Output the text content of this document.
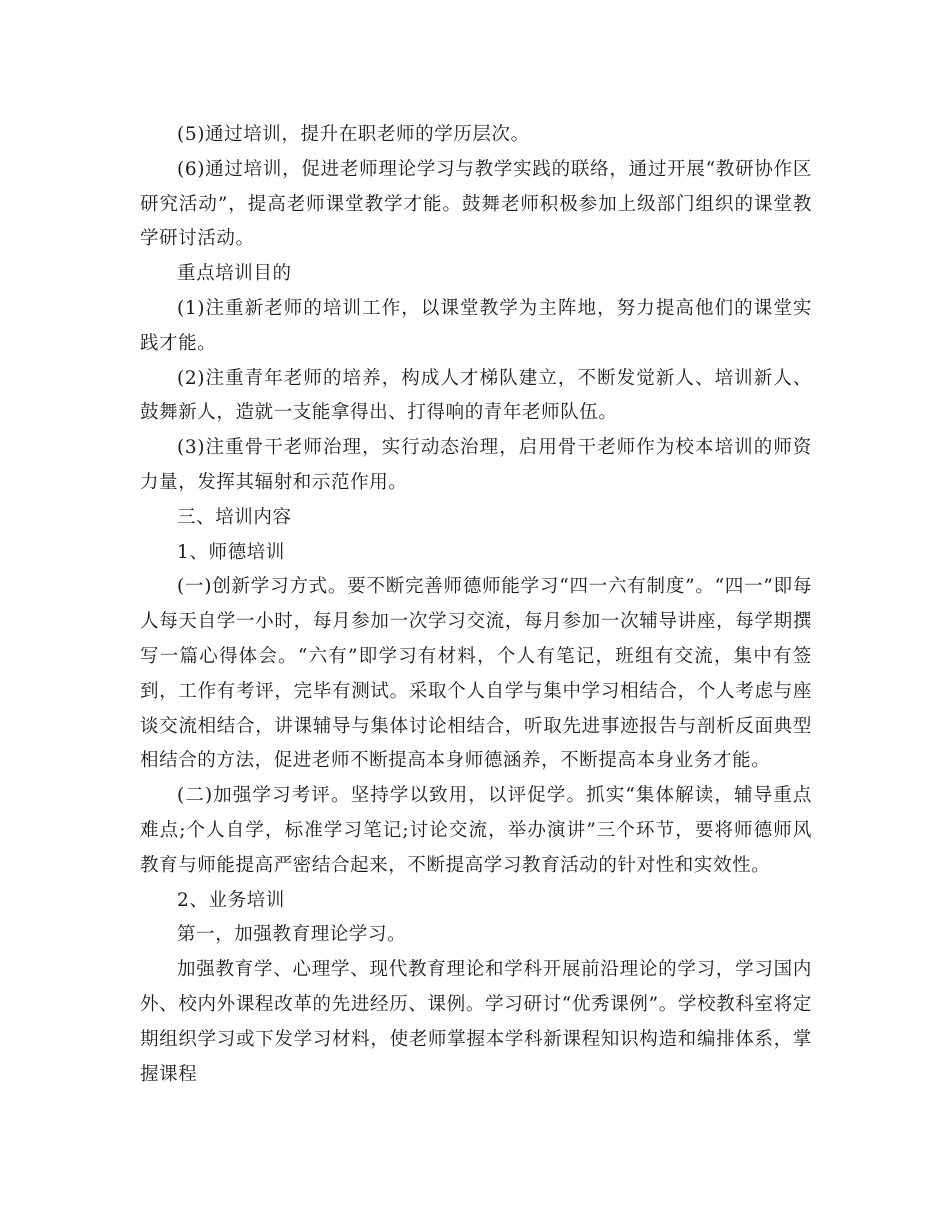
(5)通过培训，提升在职老师的学历层次。

(6)通过培训，促进老师理论学习与教学实践的联络，通过开展“教研协作区研究活动”，提高老师课堂教学才能。鼓舞老师积极参加上级部门组织的课堂教学研讨活动。

重点培训目的

(1)注重新老师的培训工作，以课堂教学为主阵地，努力提高他们的课堂实践才能。

(2)注重青年老师的培养，构成人才梯队建立，不断发觉新人、培训新人、鼓舞新人，造就一支能拿得出、打得响的青年老师队伍。

(3)注重骨干老师治理，实行动态治理，启用骨干老师作为校本培训的师资力量，发挥其辐射和示范作用。

三、培训内容

1、师德培训

(一)创新学习方式。要不断完善师德师能学习“四一六有制度”。“四一”即每人每天自学一小时，每月参加一次学习交流，每月参加一次辅导讲座，每学期撰写一篇心得体会。“六有”即学习有材料，个人有笔记，班组有交流，集中有签到，工作有考评，完毕有测试。采取个人自学与集中学习相结合，个人考虑与座谈交流相结合，讲课辅导与集体讨论相结合，听取先进事迹报告与剖析反面典型相结合的方法，促进老师不断提高本身师德涵养，不断提高本身业务才能。

(二)加强学习考评。坚持学以致用，以评促学。抓实“集体解读，辅导重点难点;个人自学，标准学习笔记;讨论交流，举办演讲”三个环节，要将师德师风教育与师能提高严密结合起来，不断提高学习教育活动的针对性和实效性。

2、业务培训

第一，加强教育理论学习。

加强教育学、心理学、现代教育理论和学科开展前沿理论的学习，学习国内外、校内外课程改革的先进经历、课例。学习研讨“优秀课例”。学校教科室将定期组织学习或下发学习材料，使老师掌握本学科新课程知识构造和编排体系，掌握课程
